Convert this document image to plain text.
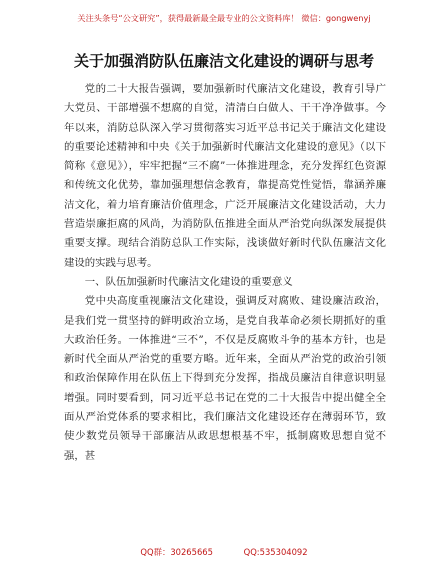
关注头条号“公文研究”，获得最新最全最专业的公文资料库！ 微信：gongwenyj
关于加强消防队伍廉洁文化建设的调研与思考

党的二十大报告强调，要加强新时代廉洁文化建设，教育引导广大党员、干部增强不想腐的自觉，清清白白做人、干干净净做事。今年以来，消防总队深入学习贯彻落实习近平总书记关于廉洁文化建设的重要论述精神和中央《关于加强新时代廉洁文化建设的意见》（以下简称《意见》），牢牢把握“三不腐”一体推进理念，充分发挥红色资源和传统文化优势，靠加强理想信念教育，靠提高党性觉悟，靠涵养廉洁文化，着力培育廉洁价值理念，广泛开展廉洁文化建设活动，大力营造崇廉拒腐的风尚，为消防队伍推进全面从严治党向纵深发展提供重要支撑。现结合消防总队工作实际，浅谈做好新时代队伍廉洁文化建设的实践与思考。

一、队伍加强新时代廉洁文化建设的重要意义

党中央高度重视廉洁文化建设，强调反对腐败、建设廉洁政治，是我们党一贯坚持的鲜明政治立场，是党自我革命必须长期抓好的重大政治任务。一体推进“三不”，不仅是反腐败斗争的基本方针，也是新时代全面从严治党的重要方略。近年来，全面从严治党的政治引领和政治保障作用在队伍上下得到充分发挥，指战员廉洁自律意识明显增强。同时要看到，同习近平总书记在党的二十大报告中提出健全全面从严治党体系的要求相比，我们廉洁文化建设还存在薄弱环节，致使少数党员领导干部廉洁从政思想根基不牢，抵制腐败思想自觉不强，甚

QQ群：30265665	QQ:535304092
